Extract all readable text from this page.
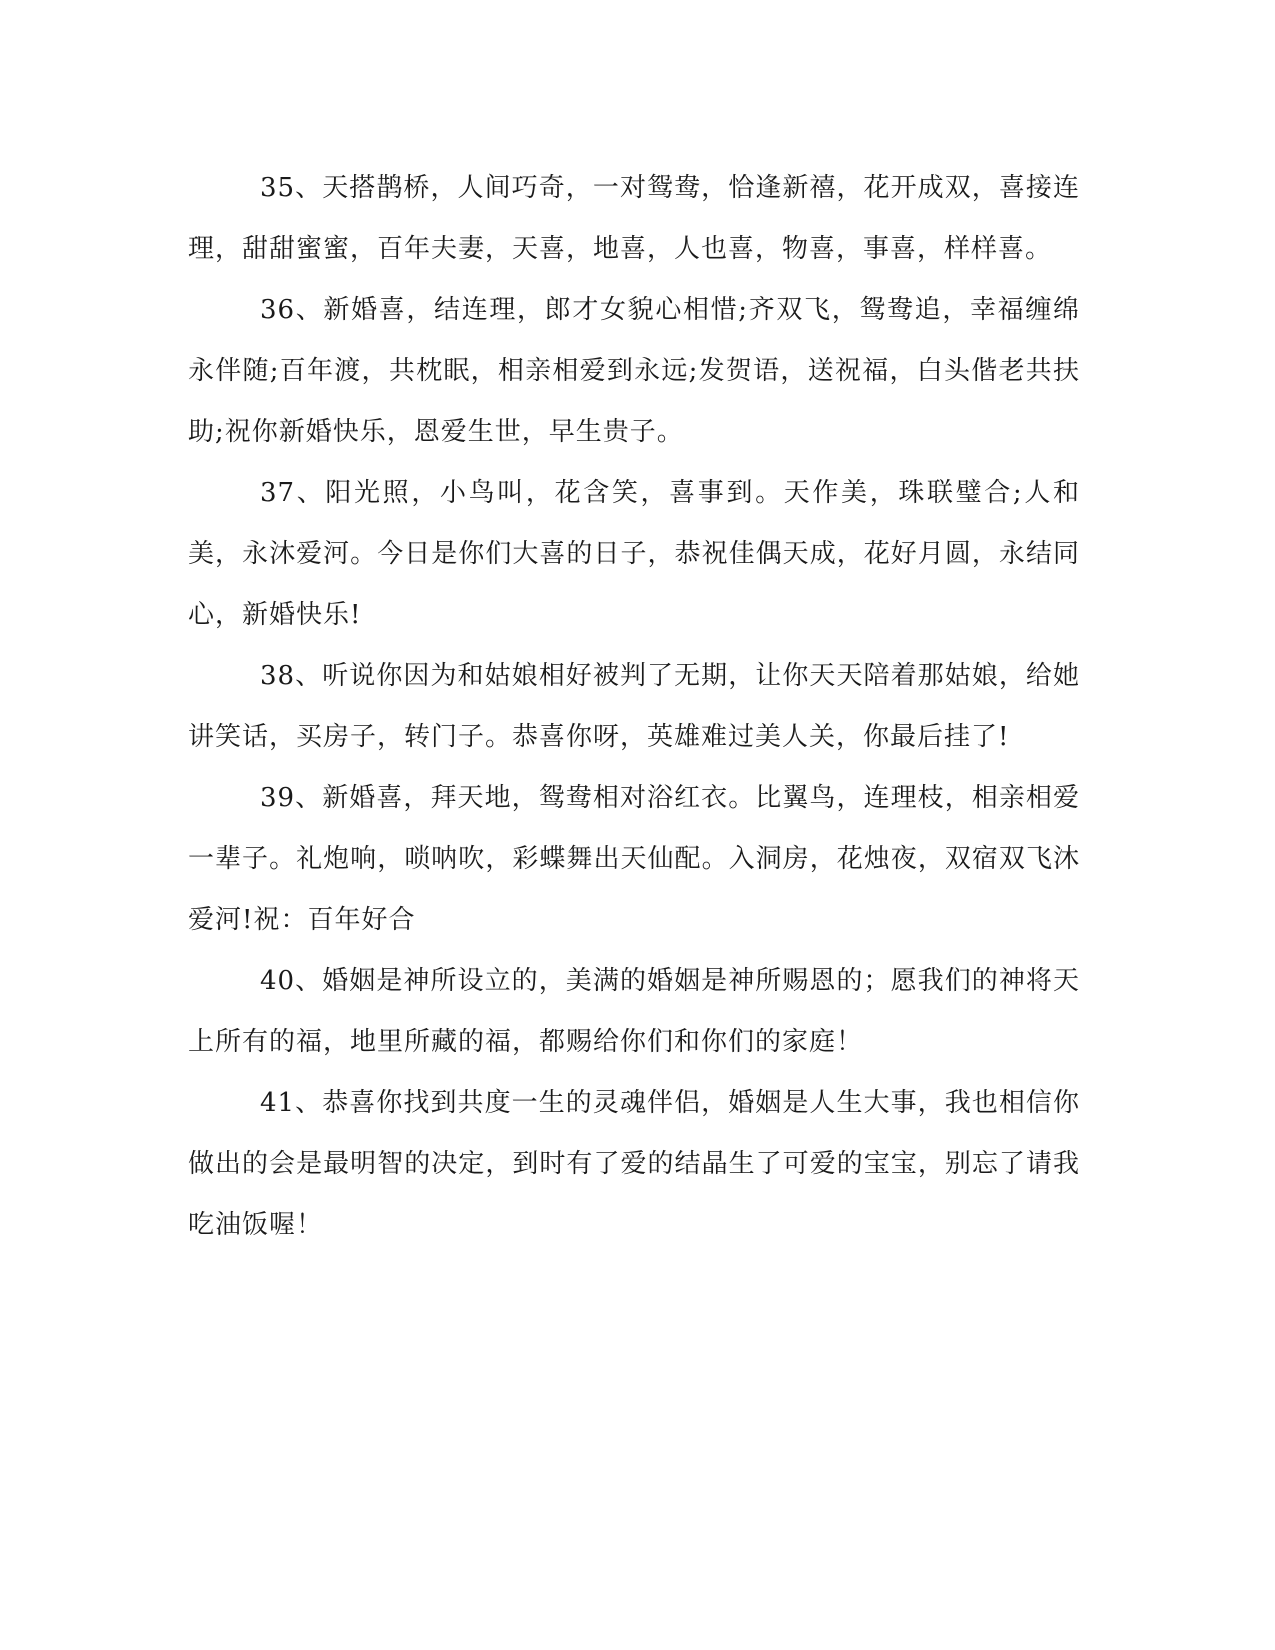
35、天搭鹊桥，人间巧奇，一对鸳鸯，恰逢新禧，花开成双，喜接连理，甜甜蜜蜜，百年夫妻，天喜，地喜，人也喜，物喜，事喜，样样喜。

36、新婚喜，结连理，郎才女貌心相惜;齐双飞，鸳鸯追，幸福缠绵永伴随;百年渡，共枕眠，相亲相爱到永远;发贺语，送祝福，白头偕老共扶助;祝你新婚快乐，恩爱生世，早生贵子。

37、阳光照，小鸟叫，花含笑，喜事到。天作美，珠联璧合;人和美，永沐爱河。今日是你们大喜的日子，恭祝佳偶天成，花好月圆，永结同心，新婚快乐!

38、听说你因为和姑娘相好被判了无期，让你天天陪着那姑娘，给她讲笑话，买房子，转门子。恭喜你呀，英雄难过美人关，你最后挂了!

39、新婚喜，拜天地，鸳鸯相对浴红衣。比翼鸟，连理枝，相亲相爱一辈子。礼炮响，唢呐吹，彩蝶舞出天仙配。入洞房，花烛夜，双宿双飞沐爱河!祝：百年好合

40、婚姻是神所设立的，美满的婚姻是神所赐恩的；愿我们的神将天上所有的福，地里所藏的福，都赐给你们和你们的家庭！

41、恭喜你找到共度一生的灵魂伴侣，婚姻是人生大事，我也相信你做出的会是最明智的决定，到时有了爱的结晶生了可爱的宝宝，别忘了请我吃油饭喔！
